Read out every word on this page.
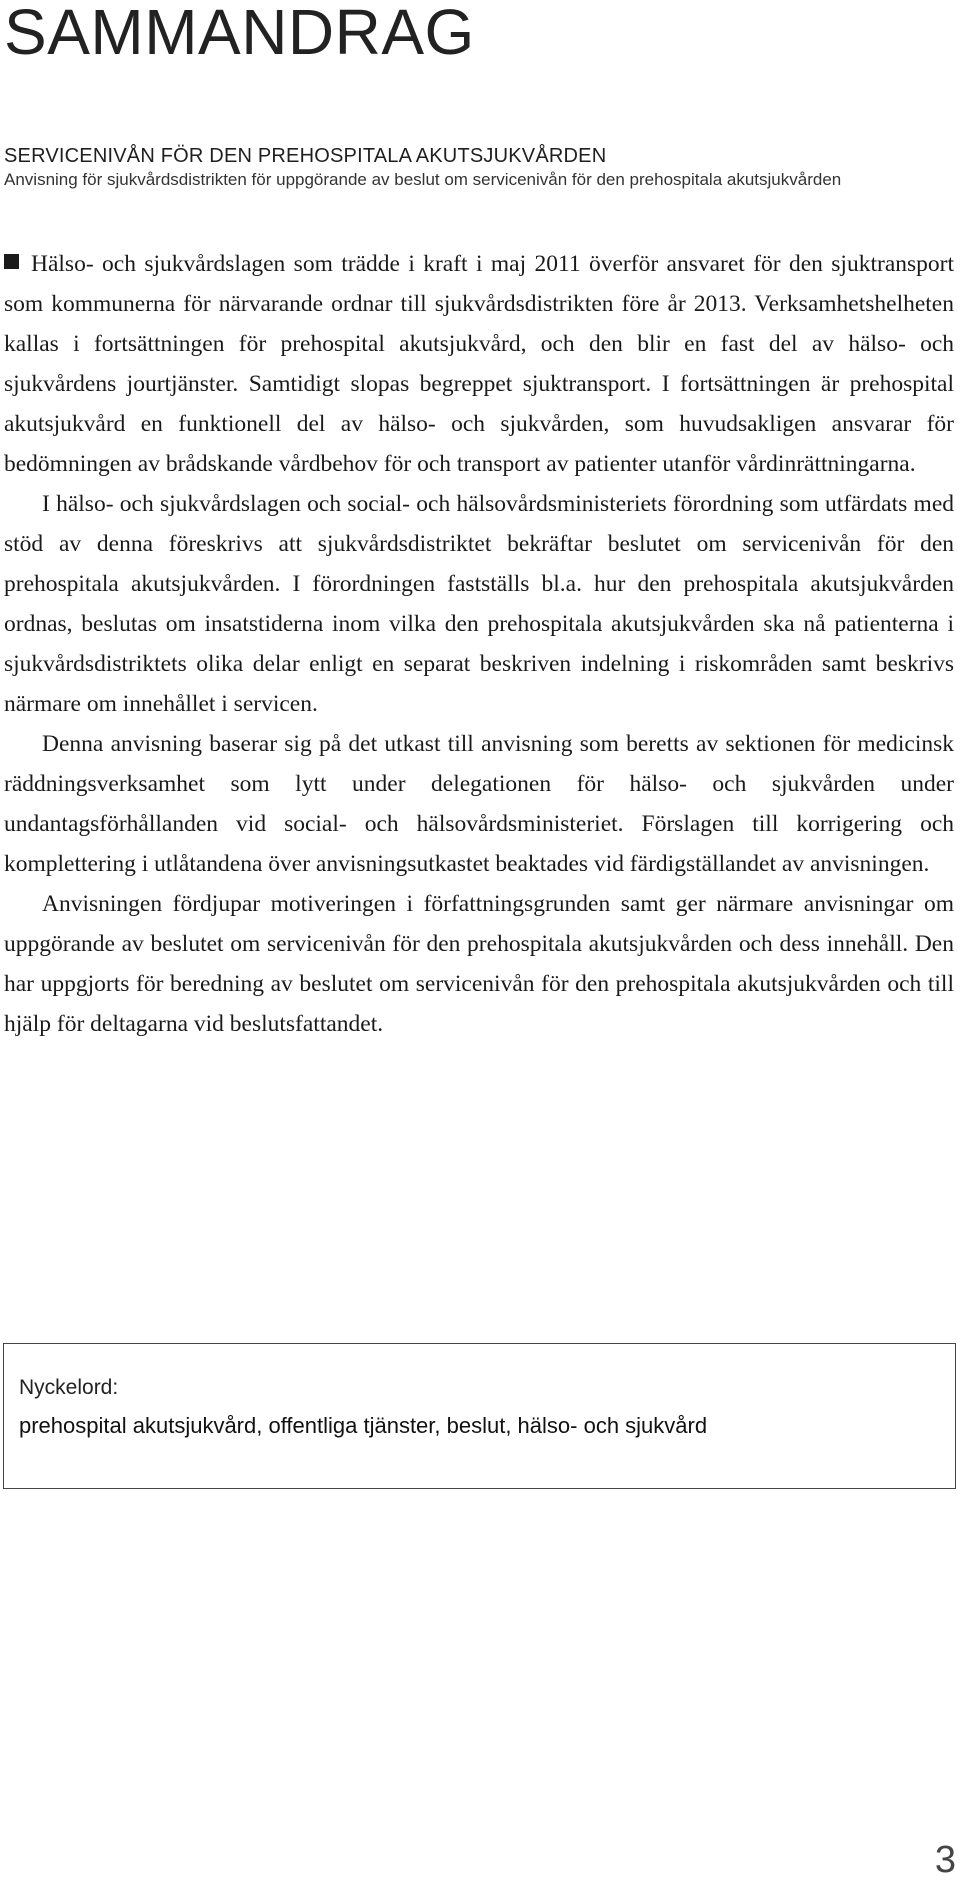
SAMMANDRAG
SERVICENIVÅN FÖR DEN PREHOSPITALA AKUTSJUKVÅRDEN
Anvisning för sjukvårdsdistrikten för uppgörande av beslut om servicenivån för den prehospitala akutsjukvården

Hälso- och sjukvårdslagen som trädde i kraft i maj 2011 överför ansvaret för den sjuktransport som kommunerna för närvarande ordnar till sjukvårdsdistrikten före år 2013. Verksamhetshelheten kallas i fortsättningen för prehospital akutsjukvård, och den blir en fast del av hälso- och sjukvårdens jourtjänster. Samtidigt slopas begreppet sjuktransport. I fortsättningen är prehospital akutsjukvård en funktionell del av hälso- och sjukvården, som huvudsakligen ansvarar för bedömningen av brådskande vårdbehov för och transport av patienter utanför vårdinrättningarna.

I hälso- och sjukvårdslagen och social- och hälsovårdsministeriets förordning som utfärdats med stöd av denna föreskrivs att sjukvårdsdistriktet bekräftar beslutet om servicenivån för den prehospitala akutsjukvården. I förordningen fastställs bl.a. hur den prehospitala akutsjukvården ordnas, beslutas om insatstiderna inom vilka den prehospitala akutsjukvården ska nå patienterna i sjukvårdsdistriktets olika delar enligt en separat beskriven indelning i riskområden samt beskrivs närmare om innehållet i servicen.

Denna anvisning baserar sig på det utkast till anvisning som beretts av sektionen för medicinsk räddningsverksamhet som lytt under delegationen för hälso- och sjukvården under undantagsförhållanden vid social- och hälsovårdsministeriet. Förslagen till korrigering och komplettering i utlåtandena över anvisningsutkastet beaktades vid färdigställandet av anvisningen.

Anvisningen fördjupar motiveringen i författningsgrunden samt ger närmare anvisningar om uppgörande av beslutet om servicenivån för den prehospitala akutsjukvården och dess innehåll. Den har uppgjorts för beredning av beslutet om servicenivån för den prehospitala akutsjukvården och till hjälp för deltagarna vid beslutsfattandet.

Nyckelord:
prehospital akutsjukvård, offentliga tjänster, beslut, hälso- och sjukvård
3
